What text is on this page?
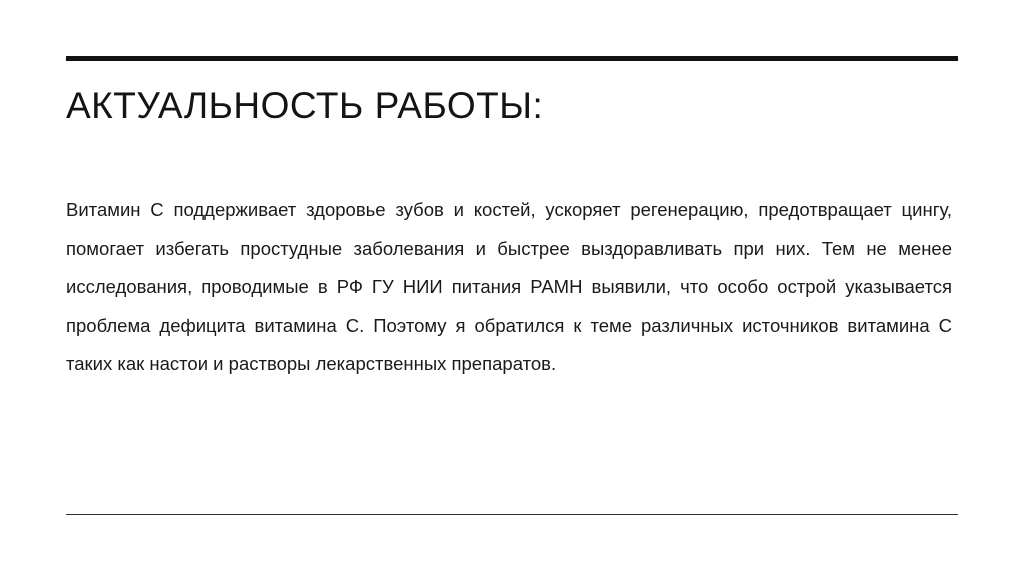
АКТУАЛЬНОСТЬ РАБОТЫ:

Витамин С поддерживает здоровье зубов и костей, ускоряет регенерацию, предотвращает цингу, помогает избегать простудные заболевания и быстрее выздоравливать при них. Тем не менее исследования, проводимые в РФ ГУ НИИ питания РАМН выявили, что особо острой указывается проблема дефицита витамина С. Поэтому я обратился к теме различных источников витамина С таких как настои и растворы лекарственных препаратов.
